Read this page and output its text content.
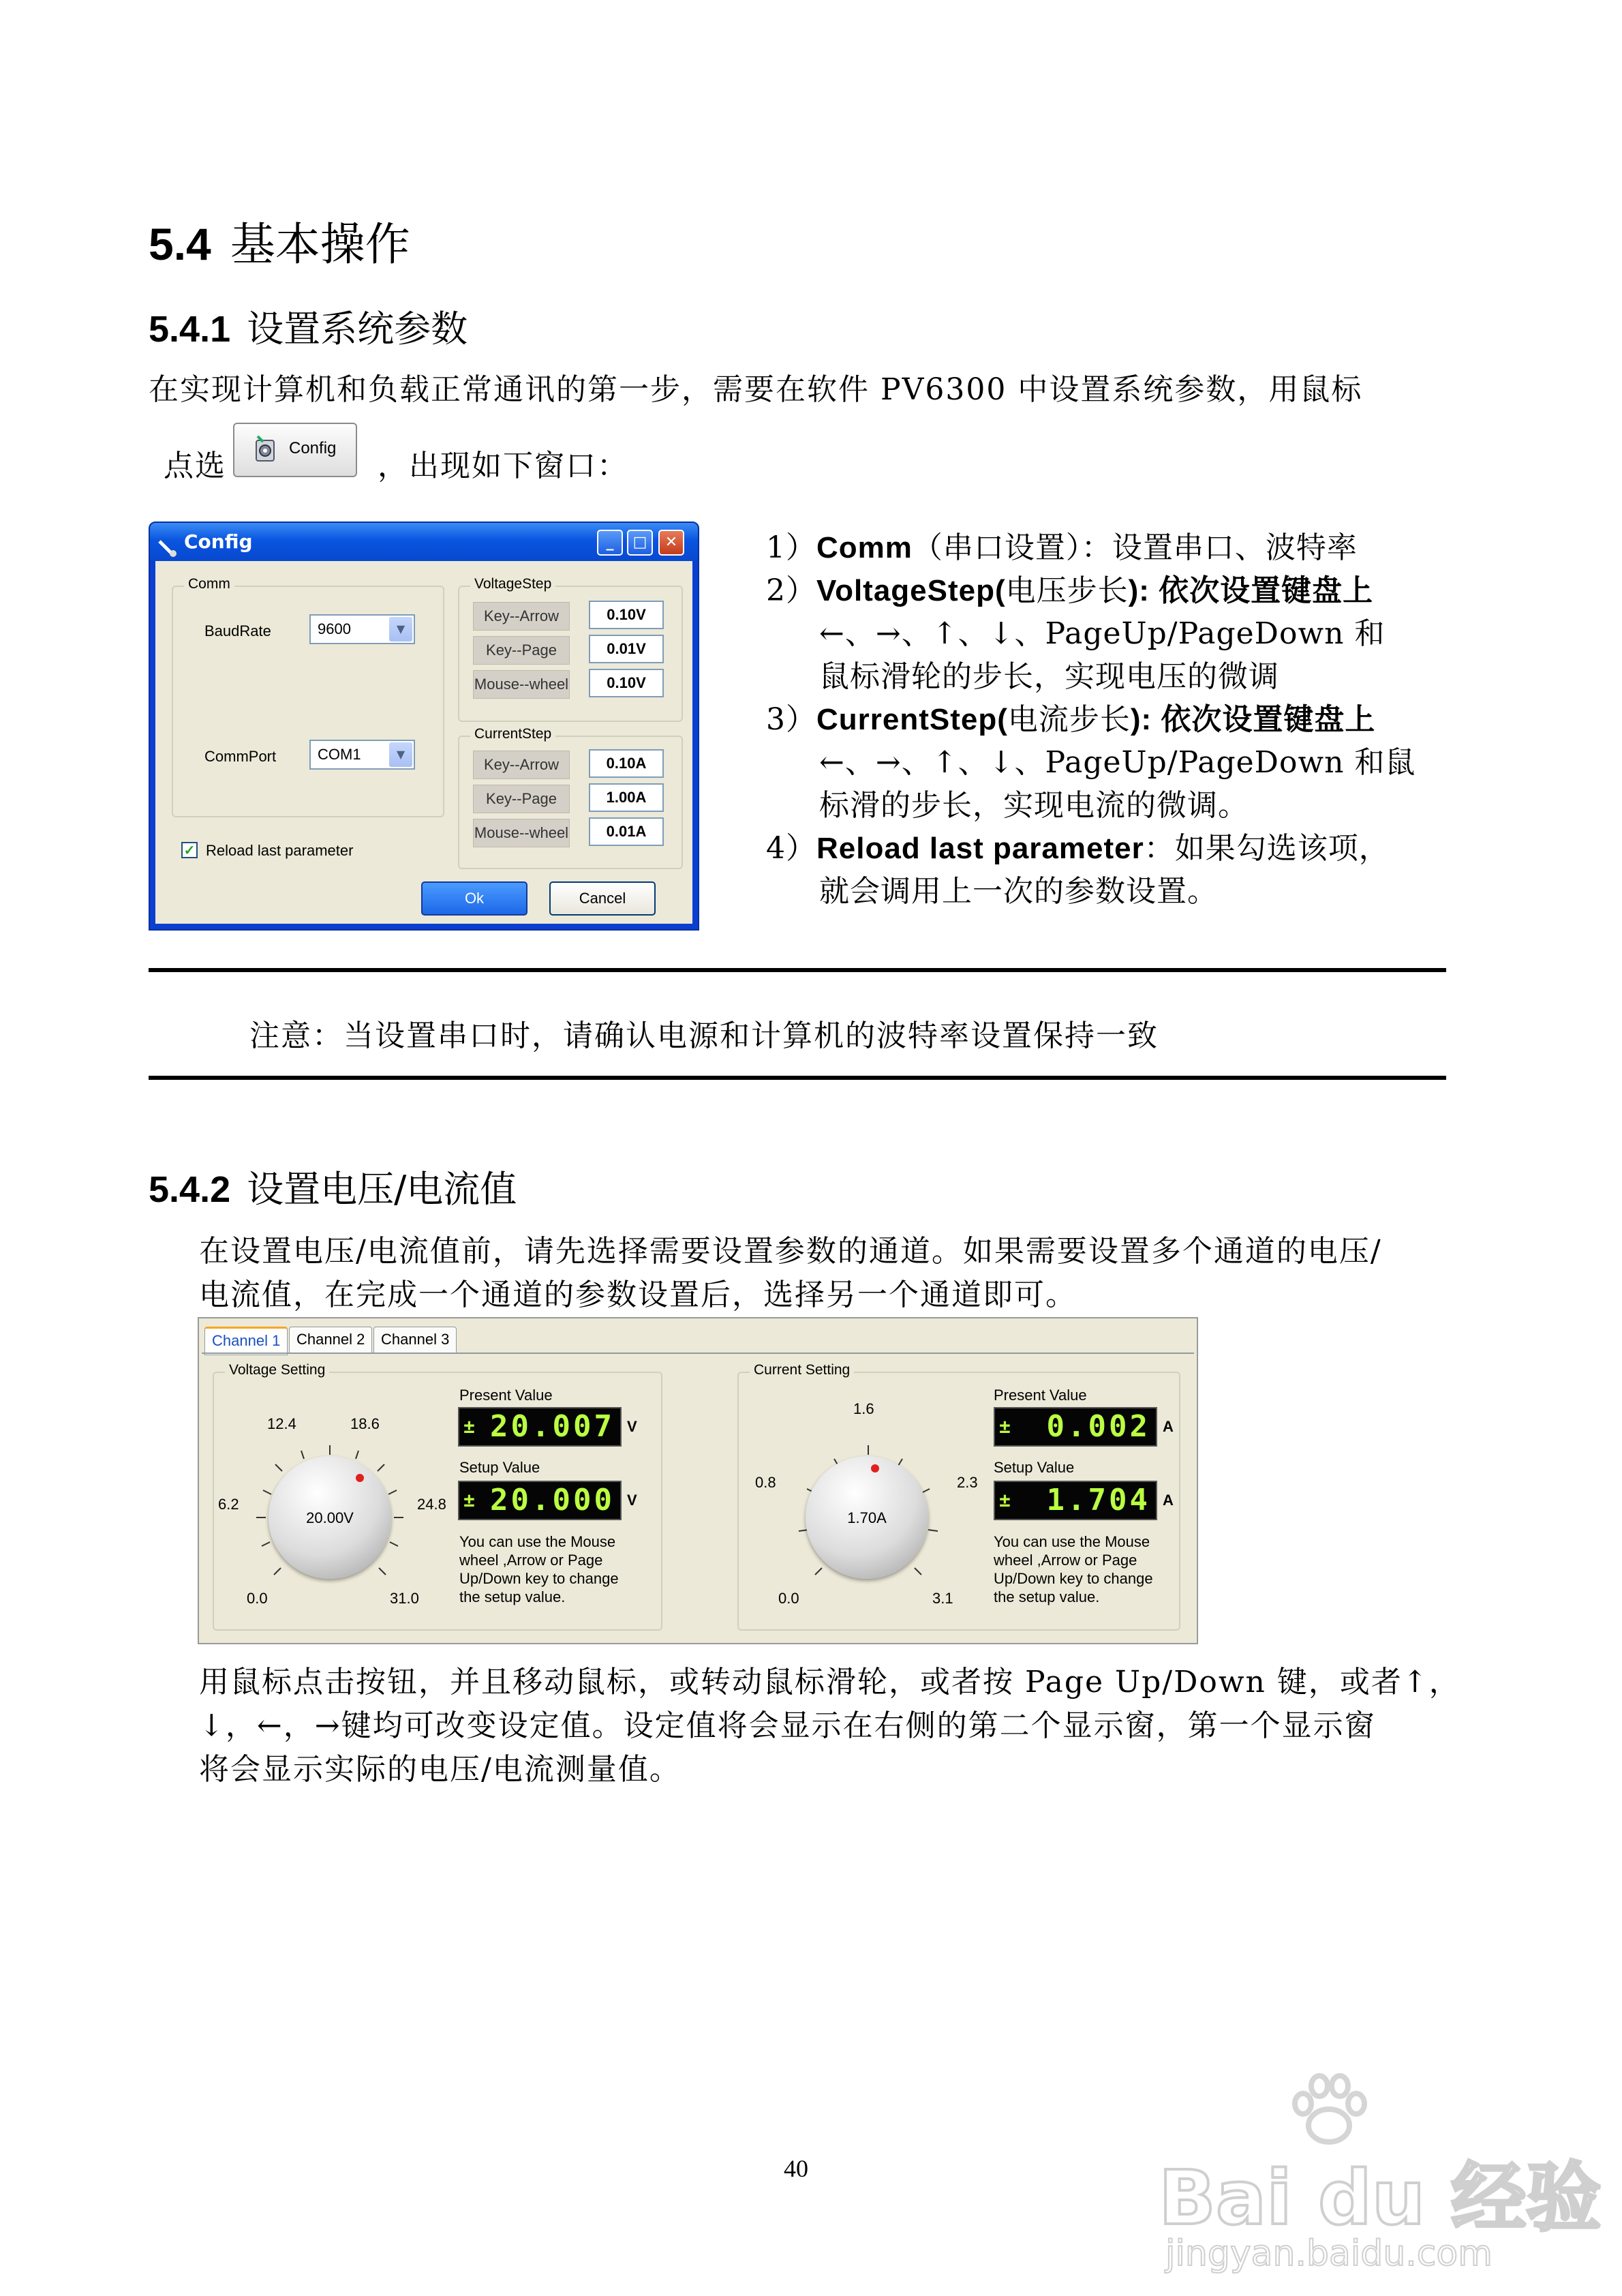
5.4 基本操作
5.4.1 设置系统参数
在实现计算机和负载正常通讯的第一步，需要在软件 PV6300 中设置系统参数，用鼠标
点选
Config
，出现如下窗口：
Config	_	□	✕
Comm
BaudRate	9600	▼
CommPort	COM1	▼
✓ Reload last parameter
VoltageStep
Key--Arrow	0.10V
Key--Page	0.01V
Mouse--wheel	0.10V
CurrentStep
Key--Arrow	0.10A
Key--Page	1.00A
Mouse--wheel	0.01A
Ok	Cancel
1）Comm（串口设置）：设置串口、波特率
2）VoltageStep(电压步长): 依次设置键盘上
←、→、↑、↓、PageUp/PageDown 和
鼠标滑轮的步长，实现电压的微调
3）CurrentStep(电流步长): 依次设置键盘上
←、→、↑、↓、PageUp/PageDown 和鼠
标滑的步长，实现电流的微调。
4）Reload last parameter：如果勾选该项，
就会调用上一次的参数设置。
注意：当设置串口时，请确认电源和计算机的波特率设置保持一致
5.4.2 设置电压/电流值
在设置电压/电流值前，请先选择需要设置参数的通道。如果需要设置多个通道的电压/
电流值，在完成一个通道的参数设置后，选择另一个通道即可。
Channel 1	Channel 2	Channel 3
Voltage Setting
12.4	18.6
6.2	24.8
0.0	31.0
20.00V
Present Value
± 20.007 V
Setup Value
± 20.000 V
You can use the Mouse
wheel ,Arrow or Page
Up/Down key to change
the setup value.
Current Setting
1.6
0.8	2.3
0.0	3.1
1.70A
Present Value
± 0.002 A
Setup Value
± 1.704 A
You can use the Mouse
wheel ,Arrow or Page
Up/Down key to change
the setup value.
用鼠标点击按钮，并且移动鼠标，或转动鼠标滑轮，或者按 Page Up/Down 键，或者↑，
↓，←，→键均可改变设定值。设定值将会显示在右侧的第二个显示窗，第一个显示窗
将会显示实际的电压/电流测量值。
40	Bai du 经验
jingyan.baidu.com
